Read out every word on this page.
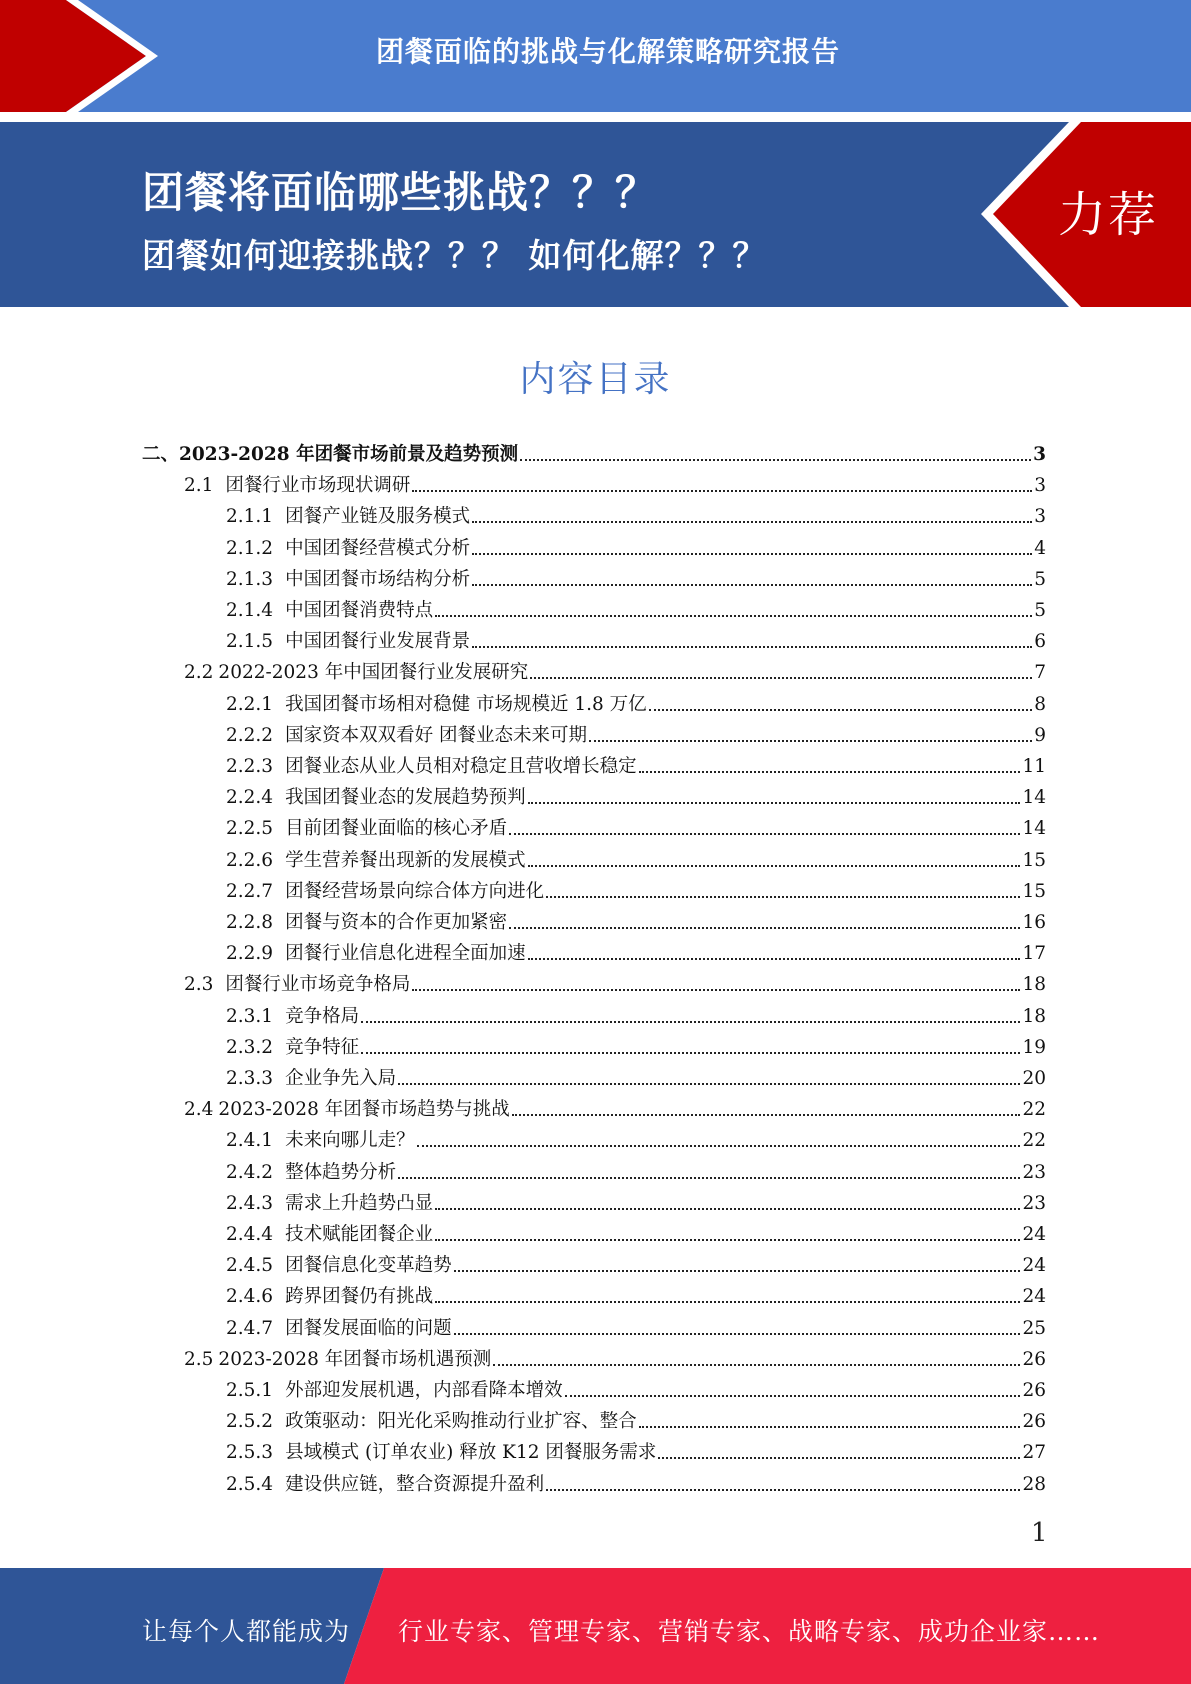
团餐面临的挑战与化解策略研究报告
团餐将面临哪些挑战？？？
团餐如何迎接挑战？？？ 如何化解？？？
力荐
内容目录
二、 2023-2028 年团餐市场前景及趋势预测	3
2.1 团餐行业市场现状调研	3
2.1.1 团餐产业链及服务模式	3
2.1.2 中国团餐经营模式分析	4
2.1.3 中国团餐市场结构分析	5
2.1.4 中国团餐消费特点	5
2.1.5 中国团餐行业发展背景	6
2.2 2022-2023 年中国团餐行业发展研究	7
2.2.1 我国团餐市场相对稳健 市场规模近 1.8 万亿	8
2.2.2 国家资本双双看好 团餐业态未来可期	9
2.2.3 团餐业态从业人员相对稳定且营收增长稳定	11
2.2.4 我国团餐业态的发展趋势预判	14
2.2.5 目前团餐业面临的核心矛盾	14
2.2.6 学生营养餐出现新的发展模式	15
2.2.7 团餐经营场景向综合体方向进化	15
2.2.8 团餐与资本的合作更加紧密	16
2.2.9 团餐行业信息化进程全面加速	17
2.3 团餐行业市场竞争格局	18
2.3.1 竞争格局	18
2.3.2 竞争特征	19
2.3.3 企业争先入局	20
2.4 2023-2028 年团餐市场趋势与挑战	22
2.4.1 未来向哪儿走？	22
2.4.2 整体趋势分析	23
2.4.3 需求上升趋势凸显	23
2.4.4 技术赋能团餐企业	24
2.4.5 团餐信息化变革趋势	24
2.4.6 跨界团餐仍有挑战	24
2.4.7 团餐发展面临的问题	25
2.5 2023-2028 年团餐市场机遇预测	26
2.5.1 外部迎发展机遇，内部看降本增效	26
2.5.2 政策驱动：阳光化采购推动行业扩容、整合	26
2.5.3 县域模式 (订单农业) 释放 K12 团餐服务需求	27
2.5.4 建设供应链，整合资源提升盈利	28
1
让每个人都能成为 行业专家、管理专家、营销专家、战略专家、成功企业家……
